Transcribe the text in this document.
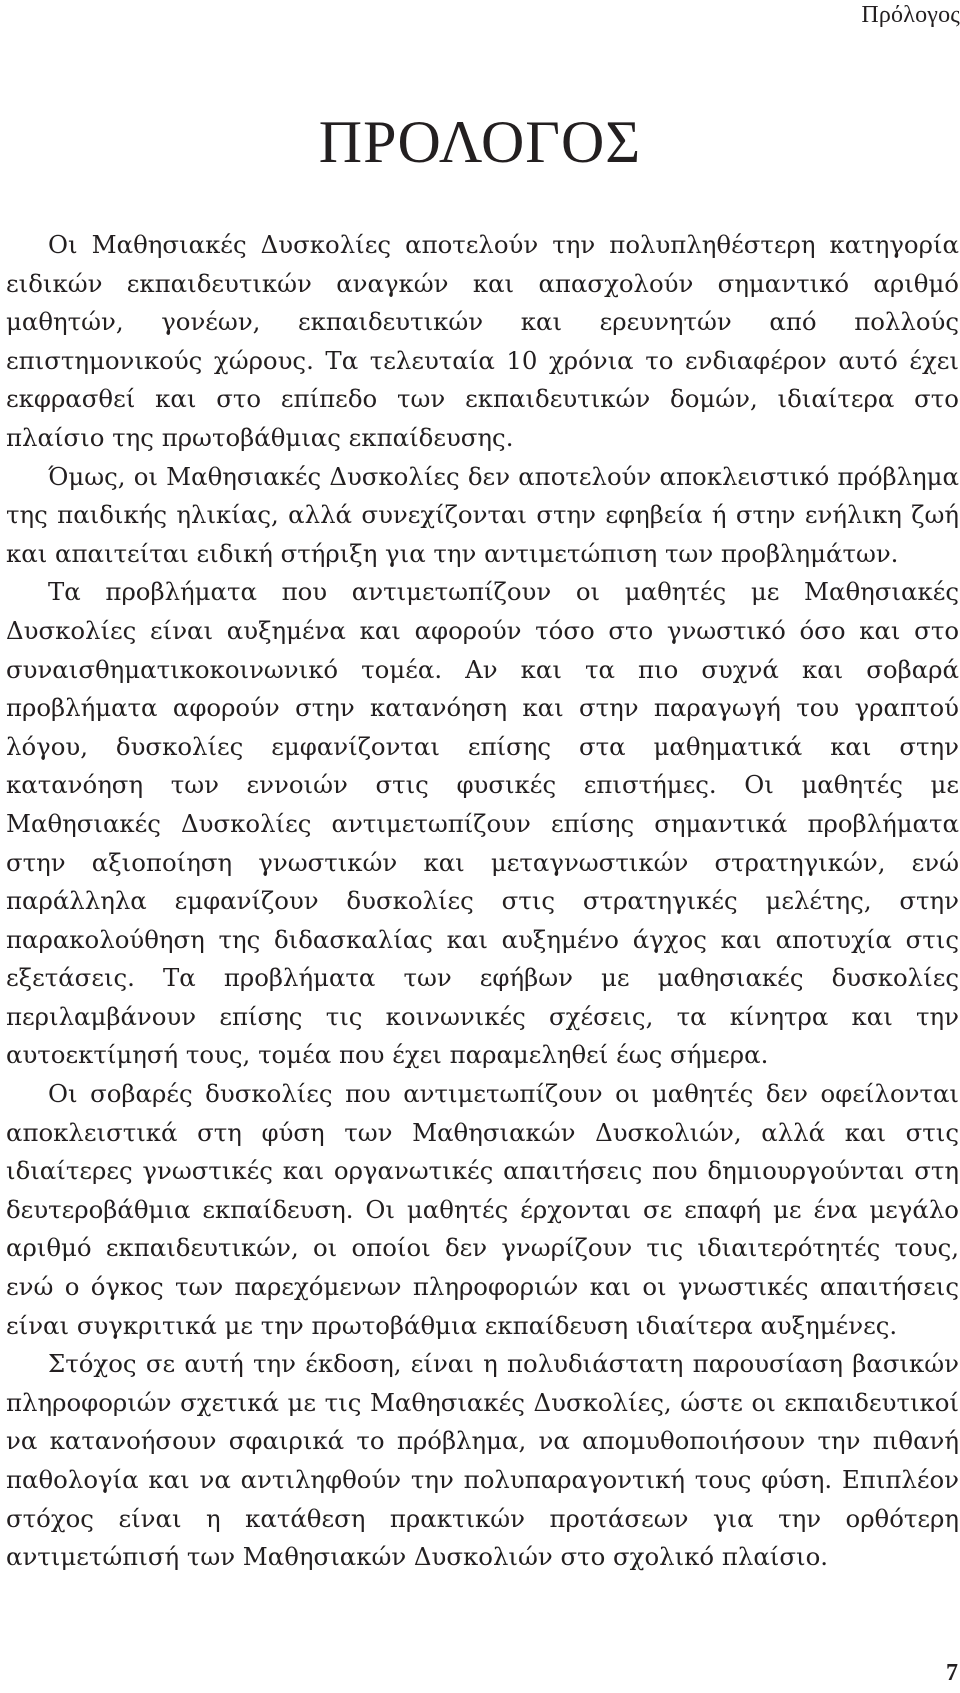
Πρόλογος
ΠΡΟΛΟΓΟΣ

Οι Μαθησιακές Δυσκολίες αποτελούν την πολυπληθέστερη κατηγορία ειδικών εκπαιδευτικών αναγκών και απασχολούν σημαντικό αριθμό μαθητών, γονέων, εκπαιδευτικών και ερευνητών από πολλούς επιστημονικούς χώρους. Τα τελευταία 10 χρόνια το ενδιαφέρον αυτό έχει εκφρασθεί και στο επίπεδο των εκπαιδευτικών δομών, ιδιαίτερα στο πλαίσιο της πρωτοβάθμιας εκπαίδευσης.

Όμως, οι Μαθησιακές Δυσκολίες δεν αποτελούν αποκλειστικό πρόβλημα της παιδικής ηλικίας, αλλά συνεχίζονται στην εφηβεία ή στην ενήλικη ζωή και απαιτείται ειδική στήριξη για την αντιμετώπιση των προβλημάτων.

Τα προβλήματα που αντιμετωπίζουν οι μαθητές με Μαθησιακές Δυσκολίες είναι αυξημένα και αφορούν τόσο στο γνωστικό όσο και στο συναισθηματικοκοινωνικό τομέα. Αν και τα πιο συχνά και σοβαρά προβλήματα αφορούν στην κατανόηση και στην παραγωγή του γραπτού λόγου, δυσκολίες εμφανίζονται επίσης στα μαθηματικά και στην κατανόηση των εννοιών στις φυσικές επιστήμες. Οι μαθητές με Μαθησιακές Δυσκολίες αντιμετωπίζουν επίσης σημαντικά προβλήματα στην αξιοποίηση γνωστικών και μεταγνωστικών στρατηγικών, ενώ παράλληλα εμφανίζουν δυσκολίες στις στρατηγικές μελέτης, στην παρακολούθηση της διδασκαλίας και αυξημένο άγχος και αποτυχία στις εξετάσεις. Τα προβλήματα των εφήβων με μαθησιακές δυσκολίες περιλαμβάνουν επίσης τις κοινωνικές σχέσεις, τα κίνητρα και την αυτοεκτίμησή τους, τομέα που έχει παραμεληθεί έως σήμερα.

Οι σοβαρές δυσκολίες που αντιμετωπίζουν οι μαθητές δεν οφείλονται αποκλειστικά στη φύση των Μαθησιακών Δυσκολιών, αλλά και στις ιδιαίτερες γνωστικές και οργανωτικές απαιτήσεις που δημιουργούνται στη δευτεροβάθμια εκπαίδευση. Οι μαθητές έρχονται σε επαφή με ένα μεγάλο αριθμό εκπαιδευτικών, οι οποίοι δεν γνωρίζουν τις ιδιαιτερότητές τους, ενώ ο όγκος των παρεχόμενων πληροφοριών και οι γνωστικές απαιτήσεις είναι συγκριτικά με την πρωτοβάθμια εκπαίδευση ιδιαίτερα αυξημένες.

Στόχος σε αυτή την έκδοση, είναι η πολυδιάστατη παρουσίαση βασικών πληροφοριών σχετικά με τις Μαθησιακές Δυσκολίες, ώστε οι εκπαιδευτικοί να κατανοήσουν σφαιρικά το πρόβλημα, να απομυθοποιήσουν την πιθανή παθολογία και να αντιληφθούν την πολυπαραγοντική τους φύση. Επιπλέον στόχος είναι η κατάθεση πρακτικών προτάσεων για την ορθότερη αντιμετώπισή των Μαθησιακών Δυσκολιών στο σχολικό πλαίσιο.

7
